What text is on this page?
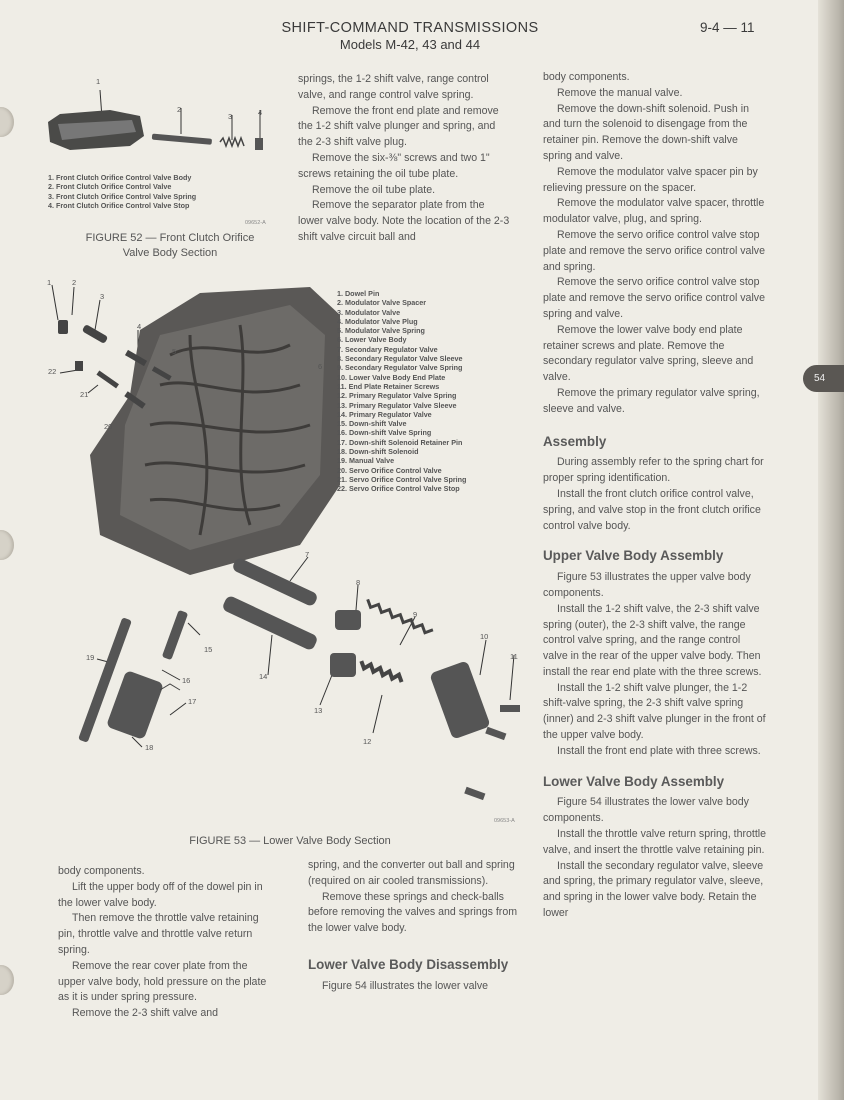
SHIFT-COMMAND TRANSMISSIONS
Models M-42, 43 and 44
9-4 — 11
54
1
2
3	4
1. Front Clutch Orifice Control Valve Body
2. Front Clutch Orifice Control Valve
3. Front Clutch Orifice Control Valve Spring
4. Front Clutch Orifice Control Valve Stop
09652-A
FIGURE 52 — Front Clutch Orifice
Valve Body Section

springs, the 1-2 shift valve, range control valve, and range control valve spring.

Remove the front end plate and remove the 1-2 shift valve plunger and spring, and the 2-3 shift valve plug.

Remove the six-⅜" screws and two 1" screws retaining the oil tube plate.

Remove the oil tube plate.

Remove the separator plate from the lower valve body. Note the location of the 2-3 shift valve circuit ball and

1	2
3
4
5
6
22
21
20
7
8
9
10
11
15
19
16
17
18
14
13
12
1. Dowel Pin
2. Modulator Valve Spacer
3. Modulator Valve
4. Modulator Valve Plug
5. Modulator Valve Spring
6. Lower Valve Body
7. Secondary Regulator Valve
8. Secondary Regulator Valve Sleeve
9. Secondary Regulator Valve Spring
10. Lower Valve Body End Plate
11. End Plate Retainer Screws
12. Primary Regulator Valve Spring
13. Primary Regulator Valve Sleeve
14. Primary Regulator Valve
15. Down-shift Valve
16. Down-shift Valve Spring
17. Down-shift Solenoid Retainer Pin
18. Down-shift Solenoid
19. Manual Valve
20. Servo Orifice Control Valve
21. Servo Orifice Control Valve Spring
22. Servo Orifice Control Valve Stop
09653-A
FIGURE 53 — Lower Valve Body Section

body components.

Lift the upper body off of the dowel pin in the lower valve body.

Then remove the throttle valve retaining pin, throttle valve and throttle valve return spring.

Remove the rear cover plate from the upper valve body, hold pressure on the plate as it is under spring pressure.

Remove the 2-3 shift valve and

spring, and the converter out ball and spring (required on air cooled transmissions).

Remove these springs and check-balls before removing the valves and springs from the lower valve body.

Lower Valve Body Disassembly

Figure 54 illustrates the lower valve

body components.

Remove the manual valve.

Remove the down-shift solenoid. Push in and turn the solenoid to disengage from the retainer pin. Remove the down-shift valve spring and valve.

Remove the modulator valve spacer pin by relieving pressure on the spacer.

Remove the modulator valve spacer, throttle modulator valve, plug, and spring.

Remove the servo orifice control valve stop plate and remove the servo orifice control valve and spring.

Remove the servo orifice control valve stop plate and remove the servo orifice control valve spring and valve.

Remove the lower valve body end plate retainer screws and plate. Remove the secondary regulator valve spring, sleeve and valve.

Remove the primary regulator valve spring, sleeve and valve.

Assembly

During assembly refer to the spring chart for proper spring identification.

Install the front clutch orifice control valve, spring, and valve stop in the front clutch orifice control valve body.

Upper Valve Body Assembly

Figure 53 illustrates the upper valve body components.

Install the 1-2 shift valve, the 2-3 shift valve spring (outer), the 2-3 shift valve, the range control valve spring, and the range control valve in the rear of the upper valve body. Then install the rear end plate with the three screws.

Install the 1-2 shift valve plunger, the 1-2 shift-valve spring, the 2-3 shift valve spring (inner) and 2-3 shift valve plunger in the front of the upper valve body.

Install the front end plate with three screws.

Lower Valve Body Assembly

Figure 54 illustrates the lower valve body components.

Install the throttle valve return spring, throttle valve, and insert the throttle valve retaining pin.

Install the secondary regulator valve, sleeve and spring, the primary regulator valve, sleeve, and spring in the lower valve body. Retain the lower
